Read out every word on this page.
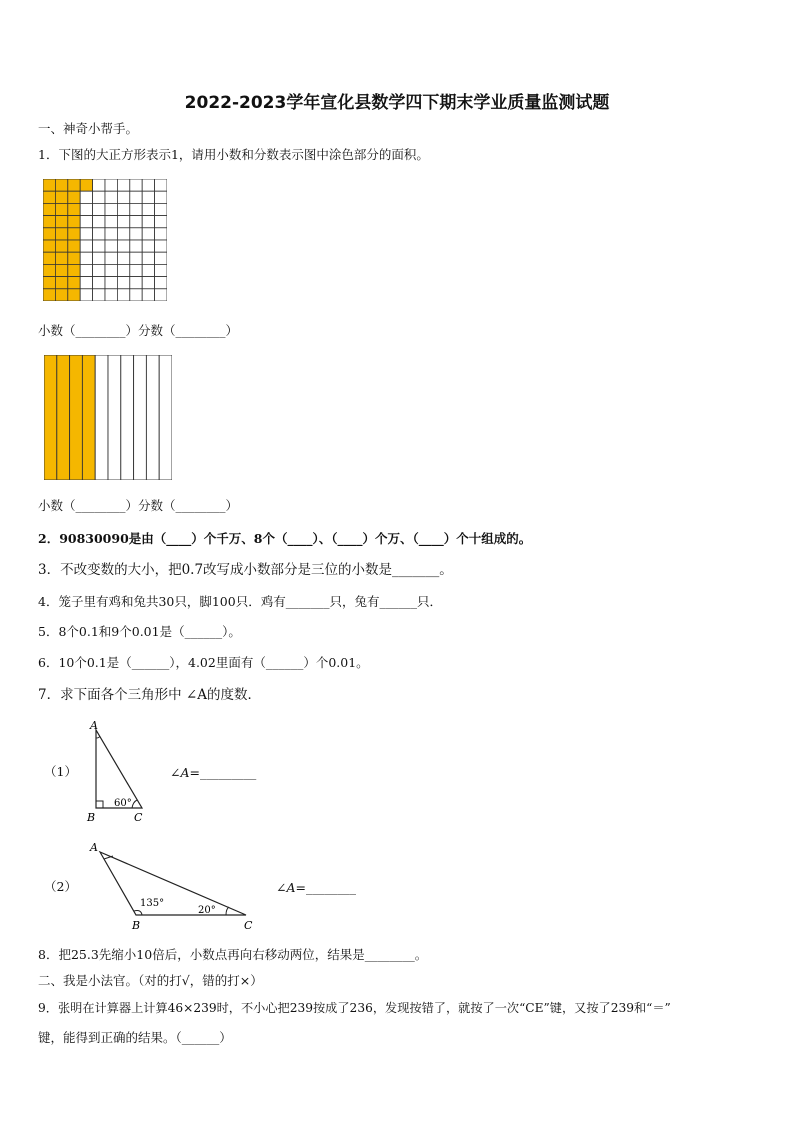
2022-2023学年宣化县数学四下期末学业质量监测试题
一、神奇小帮手。
1．下图的大正方形表示1，请用小数和分数表示图中涂色部分的面积。
小数（________）分数（________）
小数（________）分数（________）
2．90830090是由（____）个千万、8个（____）、（____）个万、（____）个十组成的。
3．不改变数的大小，把0.7改写成小数部分是三位的小数是_______。
4．笼子里有鸡和兔共30只，脚100只．鸡有_______只，兔有______只．
5．8个0.1和9个0.01是（______）。
6．10个0.1是（______），4.02里面有（______）个0.01。
7．求下面各个三角形中 ∠A的度数．
（1）
A
B	C
60°
∠A=_________
（2）
A
B	C
135°
20°
∠A=________
8．把25.3先缩小10倍后，小数点再向右移动两位，结果是________。
二、我是小法官。（对的打√，错的打×）
9．张明在计算器上计算46×239时，不小心把239按成了236，发现按错了，就按了一次“CE”键，又按了239和“＝”
键，能得到正确的结果。（______）
